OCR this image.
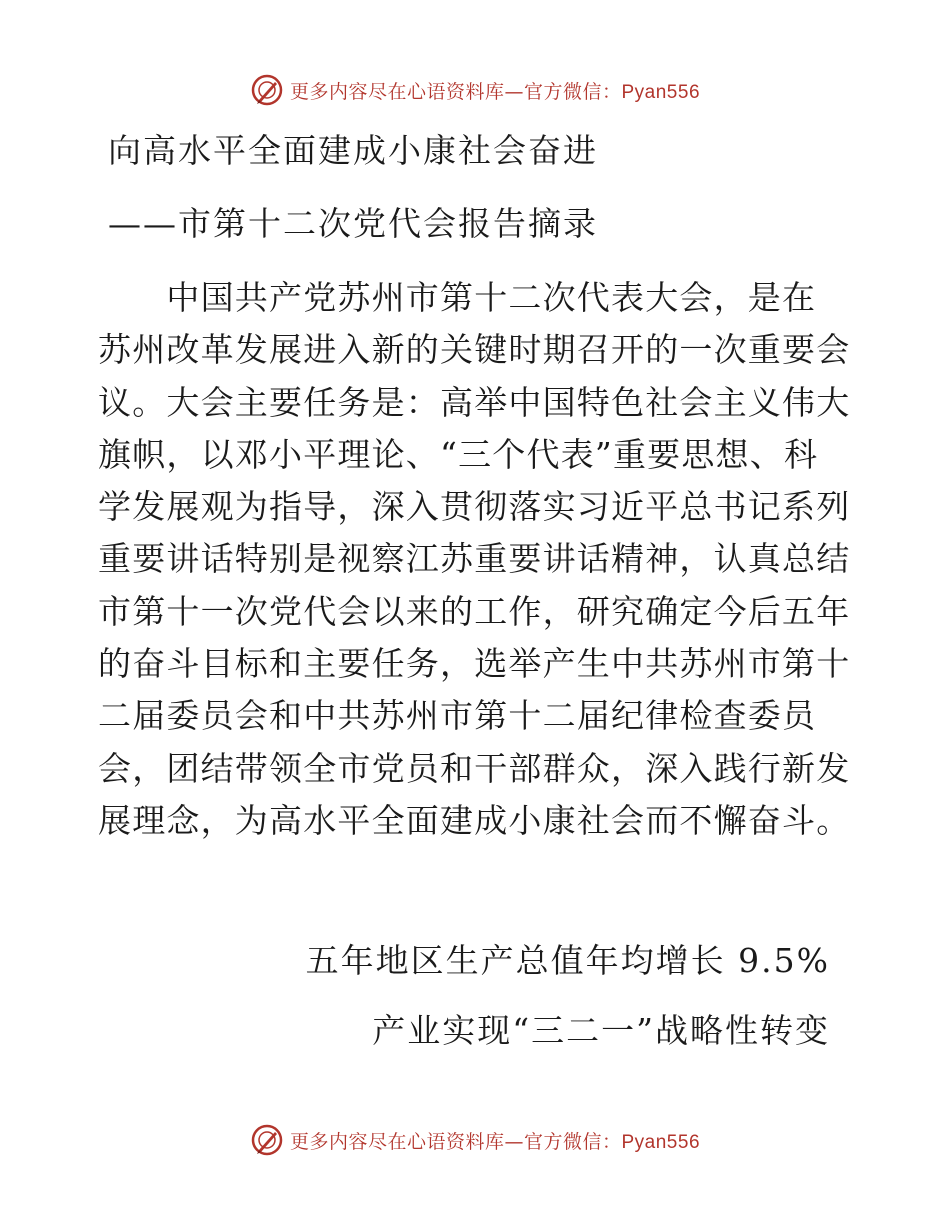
更多内容尽在心语资料库—官方微信：Pyan556
向高水平全面建成小康社会奋进
——市第十二次党代会报告摘录
　　中国共产党苏州市第十二次代表大会，是在
苏州改革发展进入新的关键时期召开的一次重要会
议。大会主要任务是：高举中国特色社会主义伟大
旗帜，以邓小平理论、“三个代表”重要思想、科
学发展观为指导，深入贯彻落实习近平总书记系列
重要讲话特别是视察江苏重要讲话精神，认真总结
市第十一次党代会以来的工作，研究确定今后五年
的奋斗目标和主要任务，选举产生中共苏州市第十
二届委员会和中共苏州市第十二届纪律检查委员
会，团结带领全市党员和干部群众，深入践行新发
展理念，为高水平全面建成小康社会而不懈奋斗。
五年地区生产总值年均增长 9.5%
产业实现“三二一”战略性转变
更多内容尽在心语资料库—官方微信：Pyan556
